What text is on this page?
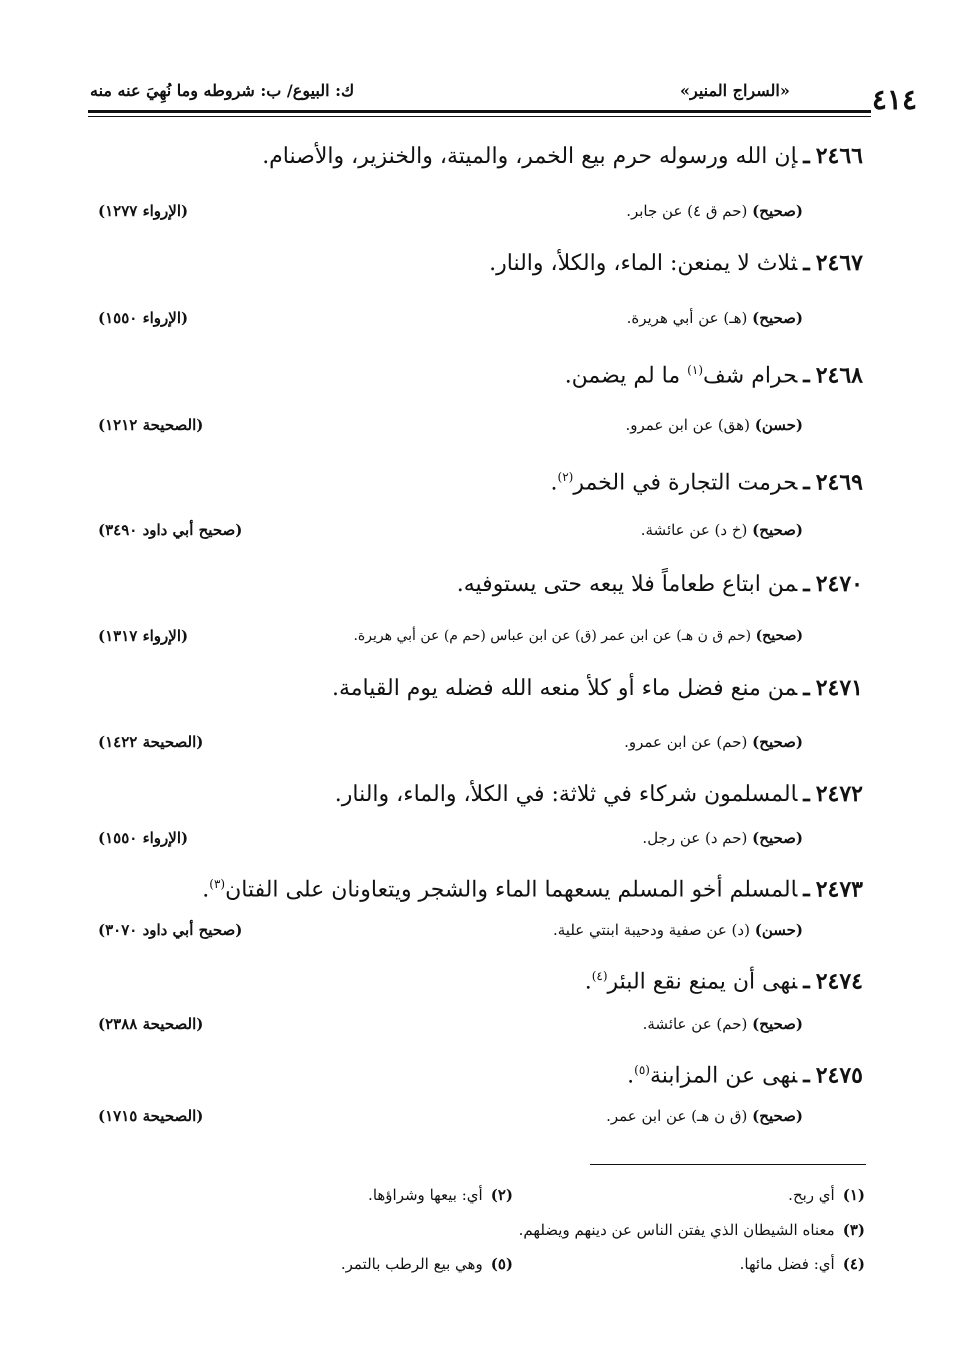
ك: البيوع/ ب: شروطه وما نُهِيَ عنه منه	«السراج المنير»	٤١٤
٢٤٦٦ـإن الله ورسوله حرم بيع الخمر، والميتة، والخنزير، والأصنام.
(صحيح) (حم ق ٤) عن جابر.
(الإرواء ١٢٧٧)
٢٤٦٧ـثلاث لا يمنعن: الماء، والكلأ، والنار.
(صحيح) (هـ) عن أبي هريرة.
(الإرواء ١٥٥٠)
٢٤٦٨ـحرام شف$^{(١)}$ ما لم يضمن.
(حسن) (هق) عن ابن عمرو.
(الصحيحة ١٢١٢)
٢٤٦٩ـحرمت التجارة في الخمر$^{(٢)}$.
(صحيح) (خ د) عن عائشة.
(صحيح أبي داود ٣٤٩٠)
٢٤٧٠ـمن ابتاع طعاماً فلا يبعه حتى يستوفيه.
(صحيح) (حم ق ن هـ) عن ابن عمر (ق) عن ابن عباس (حم م) عن أبي هريرة.
(الإرواء ١٣١٧)
٢٤٧١ـمن منع فضل ماء أو كلأ منعه الله فضله يوم القيامة.
(صحيح) (حم) عن ابن عمرو.
(الصحيحة ١٤٢٢)
٢٤٧٢ـالمسلمون شركاء في ثلاثة: في الكلأ، والماء، والنار.
(صحيح) (حم د) عن رجل.
(الإرواء ١٥٥٠)
٢٤٧٣ـالمسلم أخو المسلم يسعهما الماء والشجر ويتعاونان على الفتان$^{(٣)}$.
(حسن) (د) عن صفية ودحيبة ابنتي علية.
(صحيح أبي داود ٣٠٧٠)
٢٤٧٤ـنهى أن يمنع نقع البئر$^{(٤)}$.
(صحيح) (حم) عن عائشة.
(الصحيحة ٢٣٨٨)
٢٤٧٥ـنهى عن المزابنة$^{(٥)}$.
(صحيح) (ق ن هـ) عن ابن عمر.
(الصحيحة ١٧١٥)
(١)أي ربح.
(٢)أي: بيعها وشراؤها.
(٣)معناه الشيطان الذي يفتن الناس عن دينهم ويضلهم.
(٤)أي: فضل مائها.
(٥)وهي بيع الرطب بالتمر.
